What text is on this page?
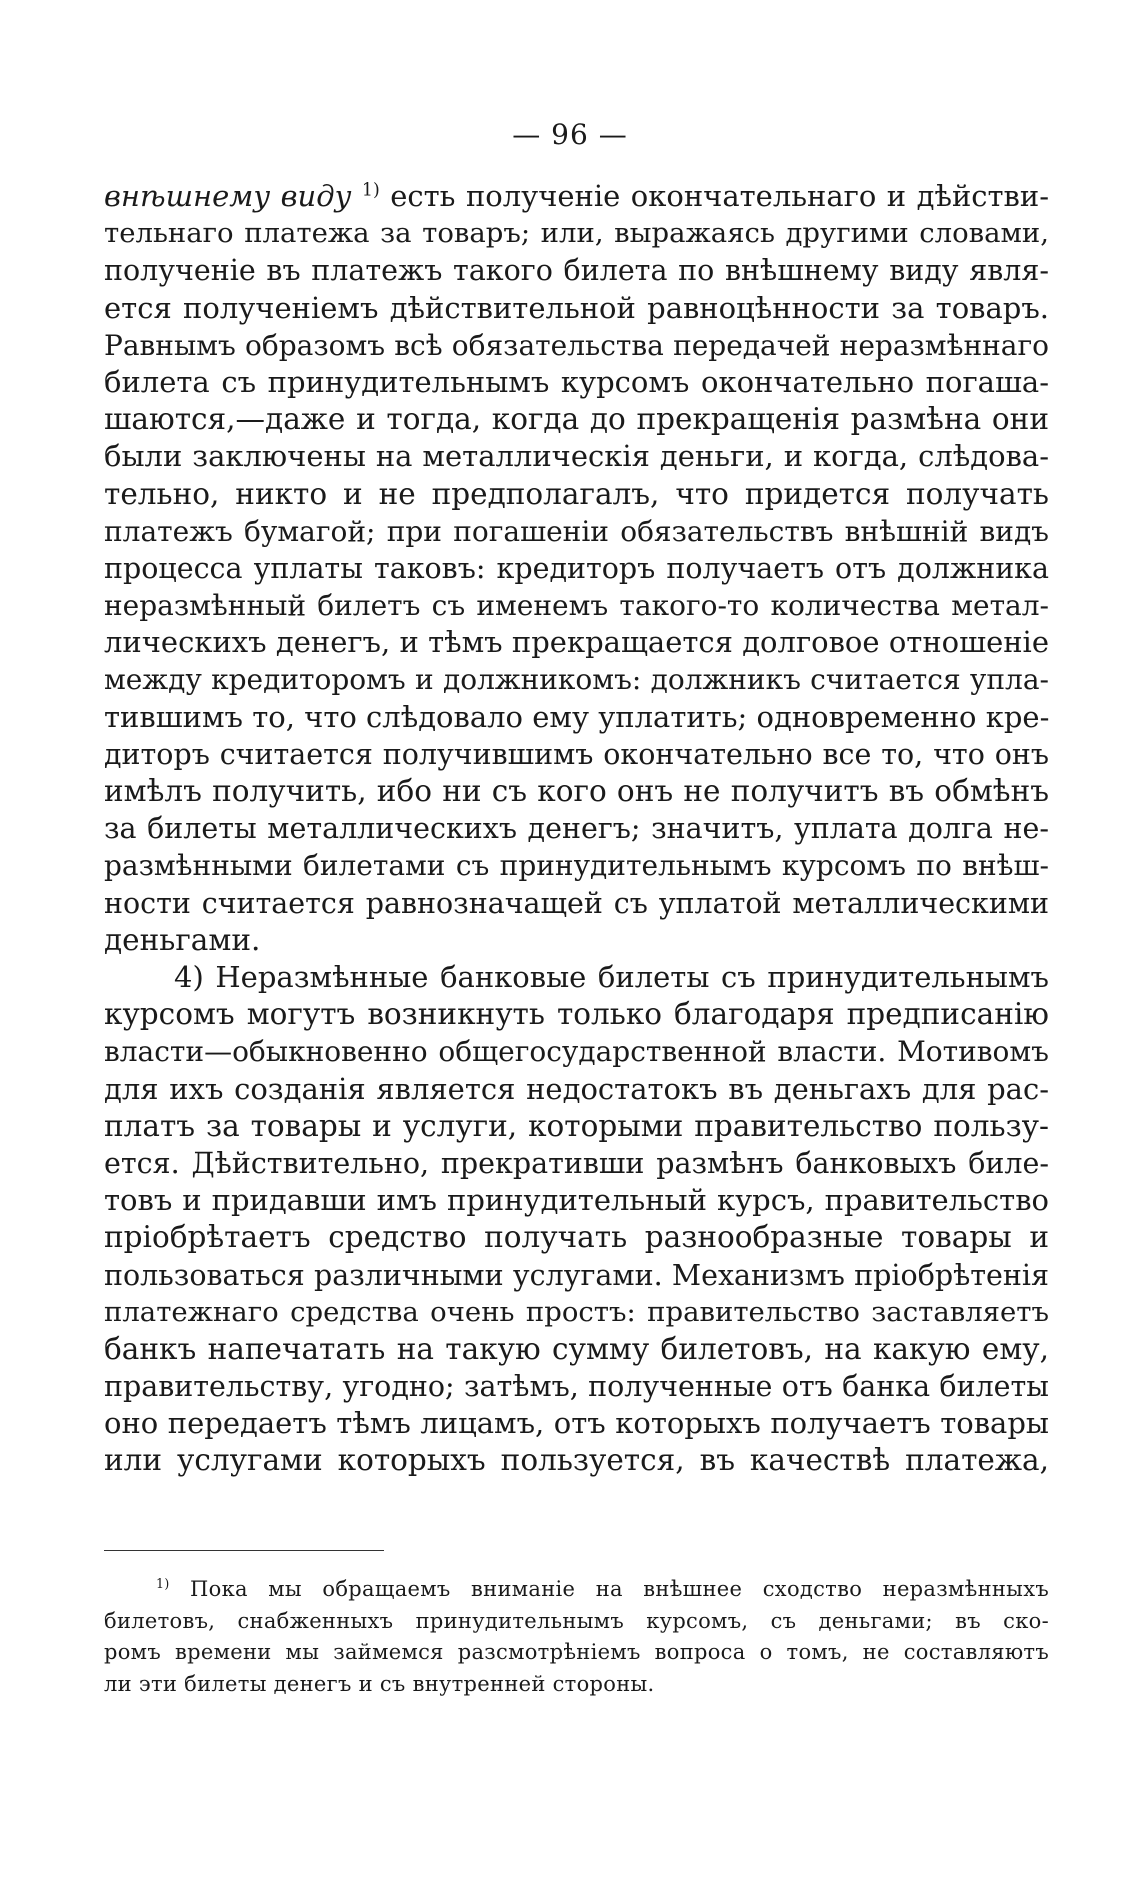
— 96 —
внѣшнему виду $^{1)}$ есть полученіе окончательнаго и дѣйстви-
тельнаго платежа за товаръ; или, выражаясь другими словами,
полученіе въ платежъ такого билета по внѣшнему виду явля-
ется полученіемъ дѣйствительной равноцѣнности за товаръ.
Равнымъ образомъ всѣ обязательства передачей неразмѣннаго
билета съ принудительнымъ курсомъ окончательно погаша-
шаются,—даже и тогда, когда до прекращенія размѣна они
были заключены на металлическія деньги, и когда, слѣдова-
тельно, никто и не предполагалъ, что придется получать
платежъ бумагой; при погашеніи обязательствъ внѣшній видъ
процесса уплаты таковъ: кредиторъ получаетъ отъ должника
неразмѣнный билетъ съ именемъ такого-то количества метал-
лическихъ денегъ, и тѣмъ прекращается долговое отношеніе
между кредиторомъ и должникомъ: должникъ считается упла-
тившимъ то, что слѣдовало ему уплатить; одновременно кре-
диторъ считается получившимъ окончательно все то, что онъ
имѣлъ получить, ибо ни съ кого онъ не получитъ въ обмѣнъ
за билеты металлическихъ денегъ; значитъ, уплата долга не-
размѣнными билетами съ принудительнымъ курсомъ по внѣш-
ности считается равнозначащей съ уплатой металлическими
деньгами.
4) Неразмѣнные банковые билеты съ принудительнымъ
курсомъ могутъ возникнуть только благодаря предписанію
власти—обыкновенно общегосударственной власти. Мотивомъ
для ихъ созданія является недостатокъ въ деньгахъ для рас-
платъ за товары и услуги, которыми правительство пользу-
ется. Дѣйствительно, прекративши размѣнъ банковыхъ биле-
товъ и придавши имъ принудительный курсъ, правительство
пріобрѣтаетъ средство получать разнообразные товары и
пользоваться различными услугами. Механизмъ пріобрѣтенія
платежнаго средства очень простъ: правительство заставляетъ
банкъ напечатать на такую сумму билетовъ, на какую ему,
правительству, угодно; затѣмъ, полученные отъ банка билеты
оно передаетъ тѣмъ лицамъ, отъ которыхъ получаетъ товары
или услугами которыхъ пользуется, въ качествѣ платежа,
$^{1)}$ Пока мы обращаемъ вниманіе на внѣшнее сходство неразмѣнныхъ
билетовъ, снабженныхъ принудительнымъ курсомъ, съ деньгами; въ ско-
ромъ времени мы займемся разсмотрѣніемъ вопроса о томъ, не составляютъ
ли эти билеты денегъ и съ внутренней стороны.
